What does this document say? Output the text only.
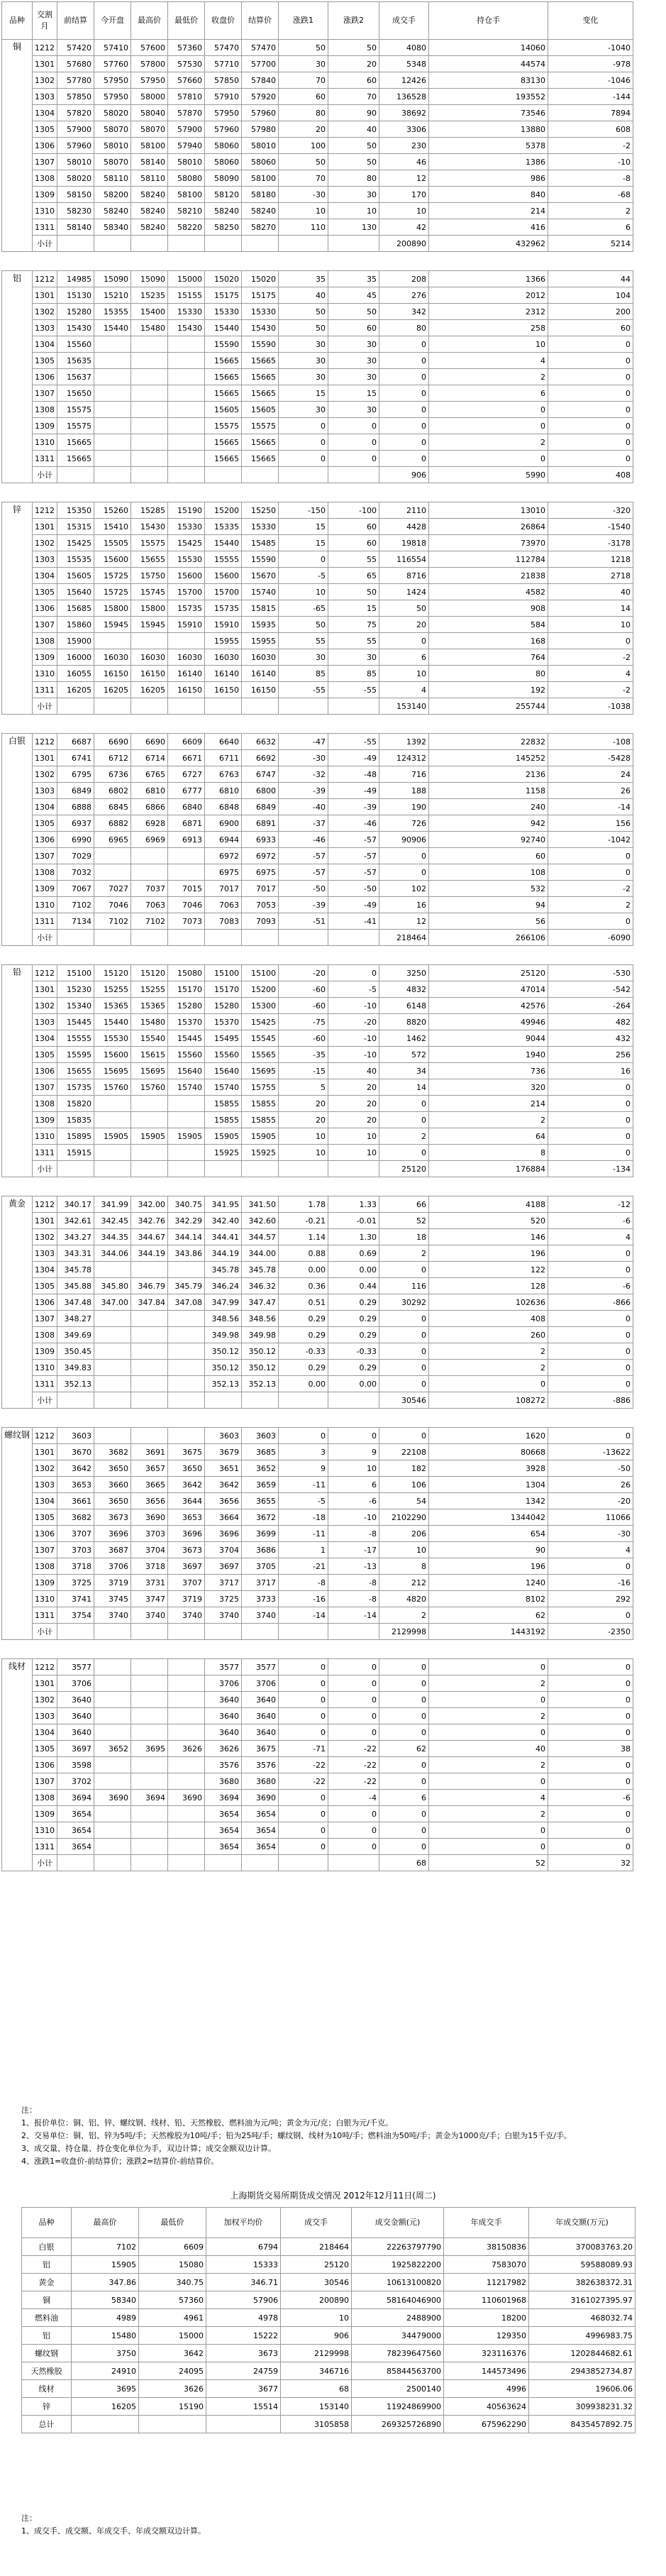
品种	交割月	前结算	今开盘	最高价	最低价	收盘价	结算价	涨跌1	涨跌2	成交手	持仓手	变化
铜	1212	57420	57410	57600	57360	57470	57470	50	50	4080	14060	-1040
	1301	57680	57760	57800	57530	57710	57700	30	20	5348	44574	-978
	1302	57780	57950	57950	57660	57850	57840	70	60	12426	83130	-1046
	1303	57850	57950	58000	57810	57910	57920	60	70	136528	193552	-144
	1304	57820	58020	58040	57870	57950	57960	80	90	38692	73546	7894
	1305	57900	58070	58070	57900	57960	57980	20	40	3306	13880	608
	1306	57960	58010	58100	57940	58060	58010	100	50	230	5378	-2
	1307	58010	58070	58140	58010	58060	58060	50	50	46	1386	-10
	1308	58020	58110	58110	58080	58090	58100	70	80	12	986	-8
	1309	58150	58200	58240	58100	58120	58180	-30	30	170	840	-68
	1310	58230	58240	58240	58210	58240	58240	10	10	10	214	2
	1311	58140	58340	58240	58220	58250	58270	110	130	42	416	6
	小计									200890	432962	5214

铝	1212	14985	15090	15090	15000	15020	15020	35	35	208	1366	44
	1301	15130	15210	15235	15155	15175	15175	40	45	276	2012	104
	1302	15280	15355	15400	15330	15330	15330	50	50	342	2312	200
	1303	15430	15440	15480	15430	15440	15430	50	60	80	258	60
	1304	15560				15590	15590	30	30	0	10	0
	1305	15635				15665	15665	30	30	0	4	0
	1306	15637				15665	15665	30	30	0	2	0
	1307	15650				15665	15665	15	15	0	6	0
	1308	15575				15605	15605	30	30	0	0	0
	1309	15575				15575	15575	0	0	0	0	0
	1310	15665				15665	15665	0	0	0	2	0
	1311	15665				15665	15665	0	0	0	0	0
	小计									906	5990	408

锌	1212	15350	15260	15285	15190	15200	15250	-150	-100	2110	13010	-320
	1301	15315	15410	15430	15330	15335	15330	15	60	4428	26864	-1540
	1302	15425	15505	15575	15425	15440	15485	15	60	19818	73970	-3178
	1303	15535	15600	15655	15530	15555	15590	0	55	116554	112784	1218
	1304	15605	15725	15750	15600	15600	15670	-5	65	8716	21838	2718
	1305	15640	15725	15745	15700	15700	15740	10	50	1424	4582	40
	1306	15685	15800	15800	15735	15735	15815	-65	15	50	908	14
	1307	15860	15945	15945	15910	15910	15935	50	75	20	584	10
	1308	15900				15955	15955	55	55	0	168	0
	1309	16000	16030	16030	16030	16030	16030	30	30	6	764	-2
	1310	16055	16150	16150	16140	16140	16140	85	85	10	80	4
	1311	16205	16205	16205	16150	16150	16150	-55	-55	4	192	-2
	小计									153140	255744	-1038

白银	1212	6687	6690	6690	6609	6640	6632	-47	-55	1392	22832	-108
	1301	6741	6712	6714	6671	6711	6692	-30	-49	124312	145252	-5428
	1302	6795	6736	6765	6727	6763	6747	-32	-48	716	2136	24
	1303	6849	6802	6810	6777	6810	6800	-39	-49	188	1158	26
	1304	6888	6845	6866	6840	6848	6849	-40	-39	190	240	-14
	1305	6937	6882	6928	6871	6900	6891	-37	-46	726	942	156
	1306	6990	6965	6969	6913	6944	6933	-46	-57	90906	92740	-1042
	1307	7029				6972	6972	-57	-57	0	60	0
	1308	7032				6975	6975	-57	-57	0	108	0
	1309	7067	7027	7037	7015	7017	7017	-50	-50	102	532	-2
	1310	7102	7046	7063	7046	7063	7053	-39	-49	16	94	2
	1311	7134	7102	7102	7073	7083	7093	-51	-41	12	56	0
	小计									218464	266106	-6090

铅	1212	15100	15120	15120	15080	15100	15100	-20	0	3250	25120	-530
	1301	15230	15255	15255	15170	15170	15200	-60	-5	4832	47014	-542
	1302	15340	15365	15365	15280	15280	15300	-60	-10	6148	42576	-264
	1303	15445	15440	15480	15370	15370	15425	-75	-20	8820	49946	482
	1304	15555	15530	15540	15445	15495	15545	-60	-10	1462	9044	432
	1305	15595	15600	15615	15560	15560	15565	-35	-10	572	1940	256
	1306	15655	15695	15695	15640	15640	15695	-15	40	34	736	16
	1307	15735	15760	15760	15740	15740	15755	5	20	14	320	0
	1308	15820				15855	15855	20	20	0	214	0
	1309	15835				15855	15855	20	20	0	2	0
	1310	15895	15905	15905	15905	15905	15905	10	10	2	64	0
	1311	15915				15925	15925	10	10	0	8	0
	小计									25120	176884	-134

黄金	1212	340.17	341.99	342.00	340.75	341.95	341.50	1.78	1.33	66	4188	-12
	1301	342.61	342.45	342.76	342.29	342.40	342.60	-0.21	-0.01	52	520	-6
	1302	343.27	344.35	344.67	344.14	344.41	344.57	1.14	1.30	18	146	4
	1303	343.31	344.06	344.19	343.86	344.19	344.00	0.88	0.69	2	196	0
	1304	345.78				345.78	345.78	0.00	0.00	0	122	0
	1305	345.88	345.80	346.79	345.79	346.24	346.32	0.36	0.44	116	128	-6
	1306	347.48	347.00	347.84	347.08	347.99	347.47	0.51	0.29	30292	102636	-866
	1307	348.27				348.56	348.56	0.29	0.29	0	408	0
	1308	349.69				349.98	349.98	0.29	0.29	0	260	0
	1309	350.45				350.12	350.12	-0.33	-0.33	0	2	0
	1310	349.83				350.12	350.12	0.29	0.29	0	2	0
	1311	352.13				352.13	352.13	0.00	0.00	0	0	0
	小计									30546	108272	-886

螺纹钢	1212	3603				3603	3603	0	0	0	1620	0
	1301	3670	3682	3691	3675	3679	3685	3	9	22108	80668	-13622
	1302	3642	3650	3657	3650	3651	3652	9	10	182	3928	-50
	1303	3653	3660	3665	3642	3642	3659	-11	6	106	1304	26
	1304	3661	3650	3656	3644	3656	3655	-5	-6	54	1342	-20
	1305	3682	3673	3690	3653	3664	3672	-18	-10	2102290	1344042	11066
	1306	3707	3696	3703	3696	3696	3699	-11	-8	206	654	-30
	1307	3703	3687	3704	3673	3704	3686	1	-17	10	90	4
	1308	3718	3706	3718	3697	3697	3705	-21	-13	8	196	0
	1309	3725	3719	3731	3707	3717	3717	-8	-8	212	1240	-16
	1310	3741	3745	3747	3719	3725	3733	-16	-8	4820	8102	292
	1311	3754	3740	3740	3740	3740	3740	-14	-14	2	62	0
	小计									2129998	1443192	-2350

线材	1212	3577				3577	3577	0	0	0	0	0
	1301	3706				3706	3706	0	0	0	2	0
	1302	3640				3640	3640	0	0	0	0	0
	1303	3640				3640	3640	0	0	0	2	0
	1304	3640				3640	3640	0	0	0	0	0
	1305	3697	3652	3695	3626	3626	3675	-71	-22	62	40	38
	1306	3598				3576	3576	-22	-22	0	2	0
	1307	3702				3680	3680	-22	-22	0	0	0
	1308	3694	3690	3694	3690	3694	3690	0	-4	6	4	-6
	1309	3654				3654	3654	0	0	0	2	0
	1310	3654				3654	3654	0	0	0	0	0
	1311	3654				3654	3654	0	0	0	0	0
	小计									68	52	32
注：
1、报价单位：铜、铝、锌、螺纹钢、线材、铅、天然橡胶、燃料油为元/吨；黄金为元/克；白银为元/千克。
2、交易单位：铜、铝、锌为5吨/手；天然橡胶为10吨/手；铅为25吨/手；螺纹钢、线材为10吨/手；燃料油为50吨/手；黄金为1000克/手；白银为15千克/手。
3、成交量、持仓量、持仓变化单位为手，双边计算；成交金额双边计算。
4、涨跌1=收盘价-前结算价；涨跌2=结算价-前结算价。
上海期货交易所期货成交情况 2012年12月11日(周二)
品种	最高价	最低价	加权平均价	成交手	成交金额(元)	年成交手	年成交额(万元)
白银	7102	6609	6794	218464	22263797790	38150836	370083763.20
铝	15905	15080	15333	25120	1925822200	7583070	59588089.93
黄金	347.86	340.75	346.71	30546	10613100820	11217982	382638372.31
铜	58340	57360	57906	200890	58164046900	110601968	3161027395.97
燃料油	4989	4961	4978	10	2488900	18200	468032.74
铝	15480	15000	15222	906	34479000	129350	4996983.75
螺纹钢	3750	3642	3673	2129998	78239647560	323116376	1202844682.61
天然橡胶	24910	24095	24759	346716	85844563700	144573496	2943852734.87
线材	3695	3626	3677	68	2500140	4996	19606.06
锌	16205	15190	15514	153140	11924869900	40563624	309938231.32
总计				3105858	269325726890	675962290	8435457892.75
注：
1、成交手、成交额、年成交手、年成交额双边计算。
